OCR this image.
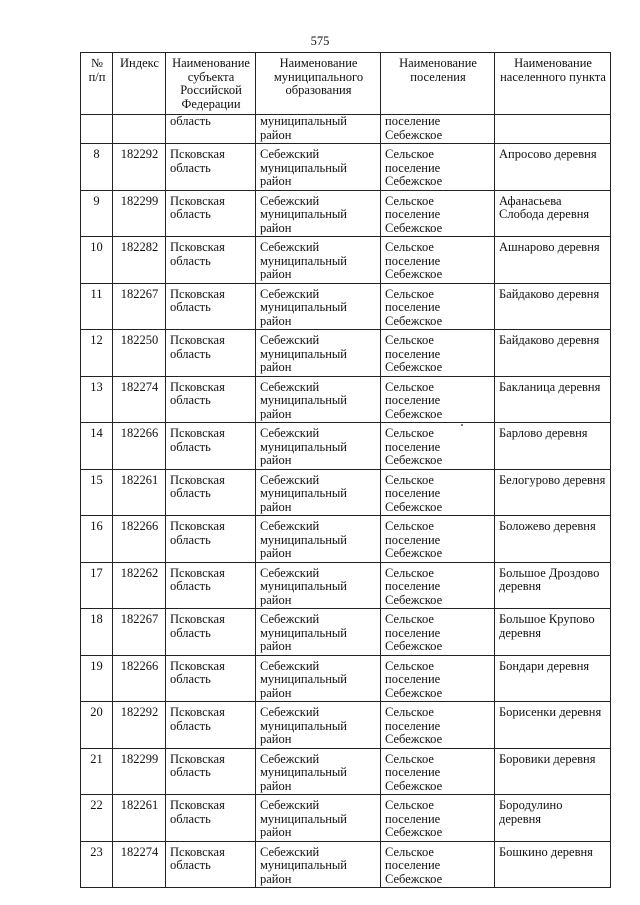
575
№ п/п	Индекс	Наименование субъекта Российской Федерации	Наименование муниципального образования	Наименование поселения	Наименование населенного пункта
		область	муниципальный район	поселение Себежское	
8	182292	Псковская область	Себежский муниципальный район	Сельское поселение Себежское	Апросово деревня
9	182299	Псковская область	Себежский муниципальный район	Сельское поселение Себежское	Афанасьева Слобода деревня
10	182282	Псковская область	Себежский муниципальный район	Сельское поселение Себежское	Ашнарово деревня
11	182267	Псковская область	Себежский муниципальный район	Сельское поселение Себежское	Байдаково деревня
12	182250	Псковская область	Себежский муниципальный район	Сельское поселение Себежское	Байдаково деревня
13	182274	Псковская область	Себежский муниципальный район	Сельское поселение Себежское	Бакланица деревня
14	182266	Псковская область	Себежский муниципальный район	Сельское поселение Себежское	Барлово деревня
15	182261	Псковская область	Себежский муниципальный район	Сельское поселение Себежское	Белогурово деревня
16	182266	Псковская область	Себежский муниципальный район	Сельское поселение Себежское	Боложево деревня
17	182262	Псковская область	Себежский муниципальный район	Сельское поселение Себежское	Большое Дроздово деревня
18	182267	Псковская область	Себежский муниципальный район	Сельское поселение Себежское	Большое Крупово деревня
19	182266	Псковская область	Себежский муниципальный район	Сельское поселение Себежское	Бондари деревня
20	182292	Псковская область	Себежский муниципальный район	Сельское поселение Себежское	Борисенки деревня
21	182299	Псковская область	Себежский муниципальный район	Сельское поселение Себежское	Боровики деревня
22	182261	Псковская область	Себежский муниципальный район	Сельское поселение Себежское	Бородулино деревня
23	182274	Псковская область	Себежский муниципальный район	Сельское поселение Себежское	Бошкино деревня
